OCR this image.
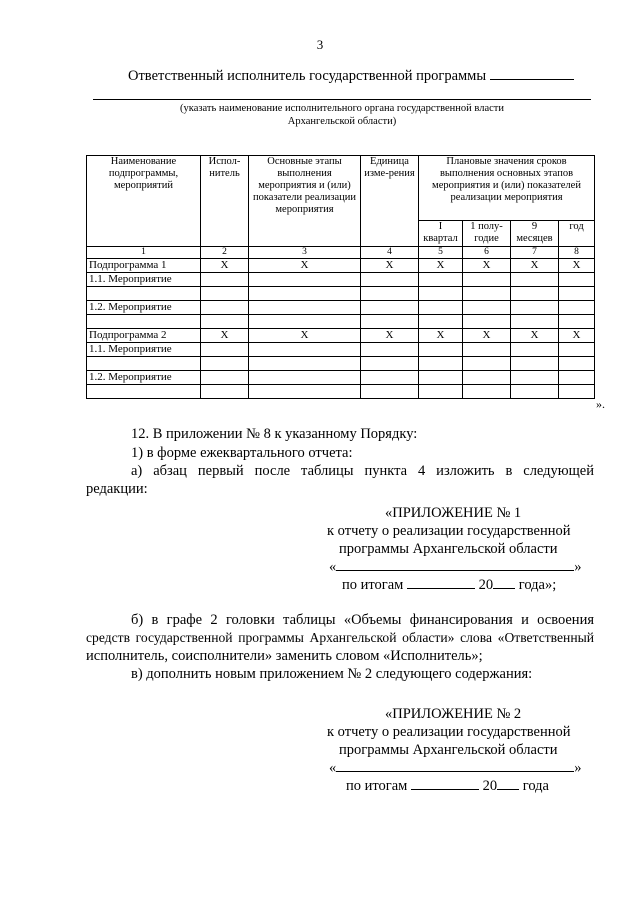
3
Ответственный исполнитель государственной программы
(указать наименование исполнительного органа государственной власти
Архангельской области)
Наименование подпрограммы, мероприятий	Испол-нитель	Основные этапы выполнения мероприятия и (или) показатели реализации мероприятия	Единица изме-рения	Плановые значения сроков выполнения основных этапов мероприятия и (или) показателей реализации мероприятия			
				I квартал	1 полу-годие	9 месяцев	год
1	2	3	4	5	6	7	8
Подпрограмма 1	Х	Х	Х	Х	Х	Х	Х
1.1. Мероприятие							

1.2. Мероприятие							

Подпрограмма 2	Х	Х	Х	Х	Х	Х	Х
1.1. Мероприятие							

1.2. Мероприятие							

».
12. В приложении № 8 к указанному Порядку:
1) в форме ежеквартального отчета:
а) абзац первый после таблицы пункта 4 изложить в следующей
редакции:
«ПРИЛОЖЕНИЕ № 1
к отчету о реализации государственной
программы Архангельской области
«	»
по итогам	20 года»;
б) в графе 2 головки таблицы «Объемы финансирования и освоения
средств государственной программы Архангельской области» слова «Ответственный
исполнитель, соисполнители» заменить словом «Исполнитель»;
в) дополнить новым приложением № 2 следующего содержания:
«ПРИЛОЖЕНИЕ № 2
к отчету о реализации государственной
программы Архангельской области
«	»
по итогам	20 года
